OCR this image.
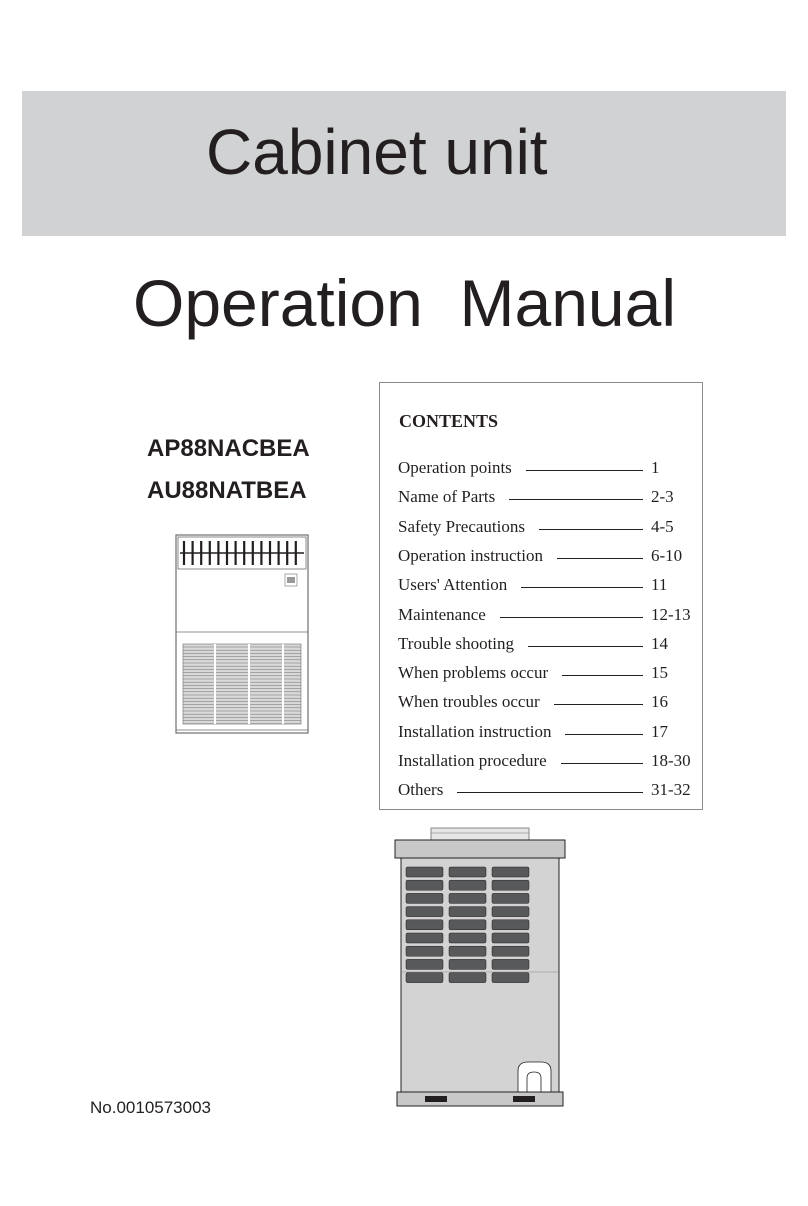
Cabinet unit
Operation  Manual
AP88NACBEA
AU88NATBEA
CONTENTS
Operation points	1
Name of Parts	2-3
Safety Precautions	4-5
Operation instruction	6-10
Users' Attention	11
Maintenance	12-13
Trouble shooting	14
When problems occur	15
When troubles occur	16
Installation instruction	17
Installation procedure	18-30
Others	31-32
No.0010573003
